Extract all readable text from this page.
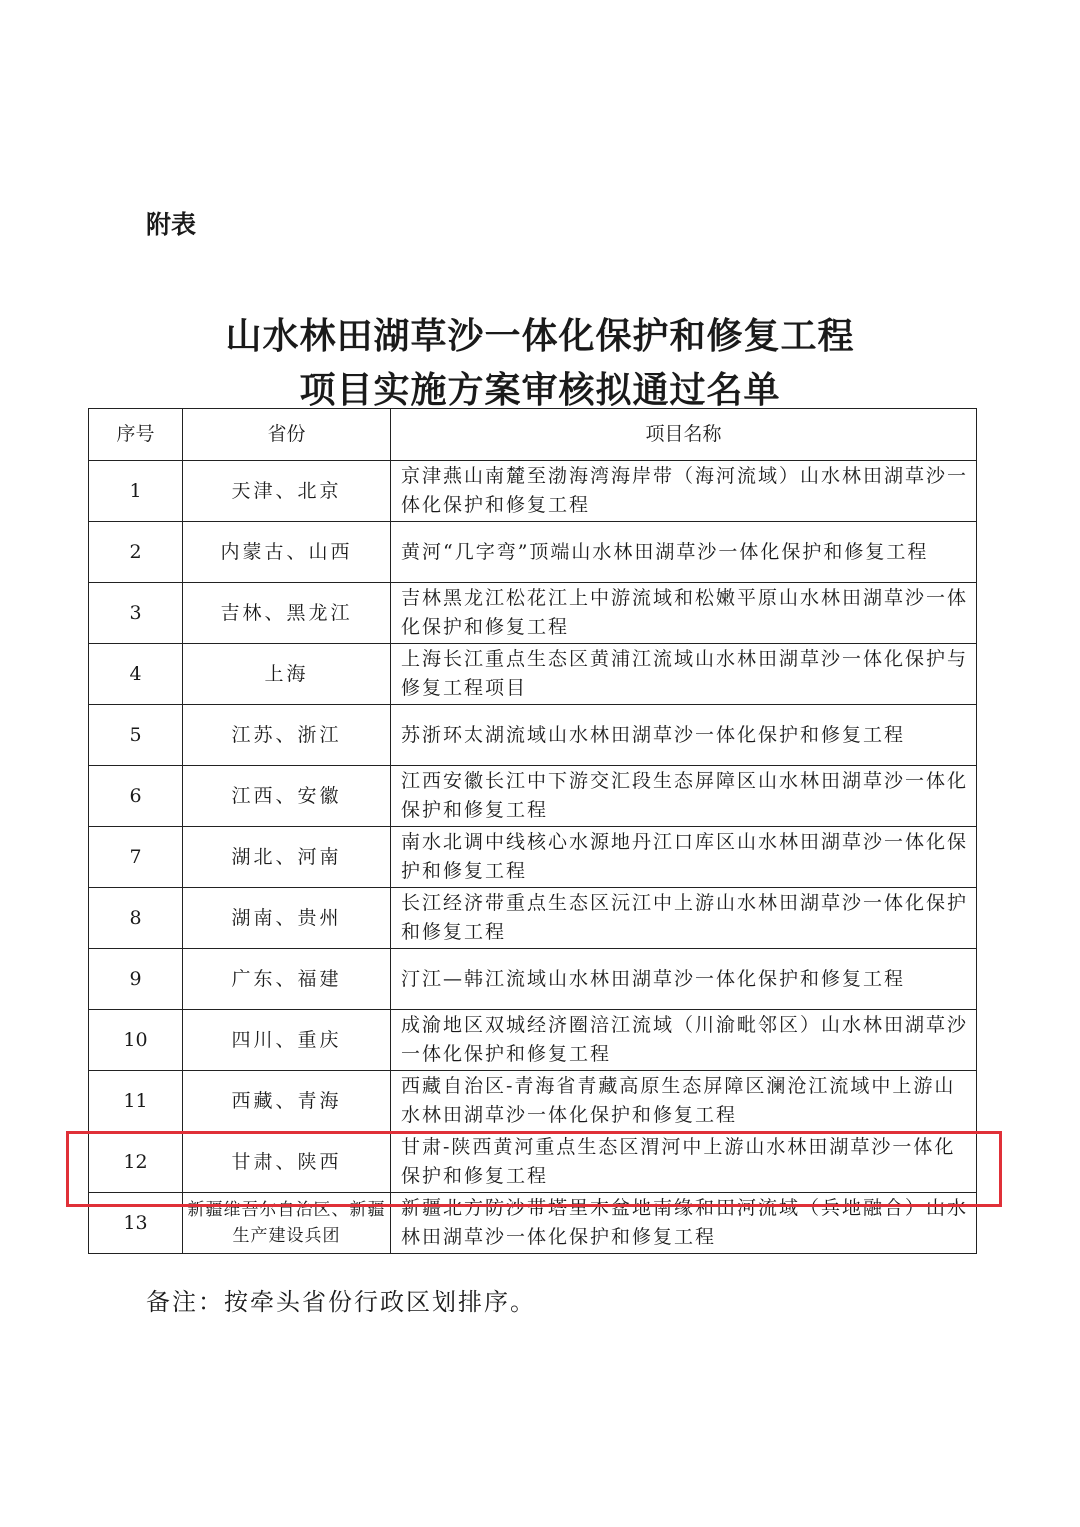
附表
山水林田湖草沙一体化保护和修复工程
项目实施方案审核拟通过名单
序号	省份	项目名称
1	天津、北京	京津燕山南麓至渤海湾海岸带（海河流域）山水林田湖草沙一体化保护和修复工程
2	内蒙古、山西	黄河“几字弯”顶端山水林田湖草沙一体化保护和修复工程
3	吉林、黑龙江	吉林黑龙江松花江上中游流域和松嫩平原山水林田湖草沙一体化保护和修复工程
4	上海	上海长江重点生态区黄浦江流域山水林田湖草沙一体化保护与修复工程项目
5	江苏、浙江	苏浙环太湖流域山水林田湖草沙一体化保护和修复工程
6	江西、安徽	江西安徽长江中下游交汇段生态屏障区山水林田湖草沙一体化保护和修复工程
7	湖北、河南	南水北调中线核心水源地丹江口库区山水林田湖草沙一体化保护和修复工程
8	湖南、贵州	长江经济带重点生态区沅江中上游山水林田湖草沙一体化保护和修复工程
9	广东、福建	汀江—韩江流域山水林田湖草沙一体化保护和修复工程
10	四川、重庆	成渝地区双城经济圈涪江流域（川渝毗邻区）山水林田湖草沙一体化保护和修复工程
11	西藏、青海	西藏自治区-青海省青藏高原生态屏障区澜沧江流域中上游山水林田湖草沙一体化保护和修复工程
12	甘肃、陕西	甘肃-陕西黄河重点生态区渭河中上游山水林田湖草沙一体化保护和修复工程
13	新疆维吾尔自治区、新疆生产建设兵团	新疆北方防沙带塔里木盆地南缘和田河流域（兵地融合）山水林田湖草沙一体化保护和修复工程
备注：按牵头省份行政区划排序。
